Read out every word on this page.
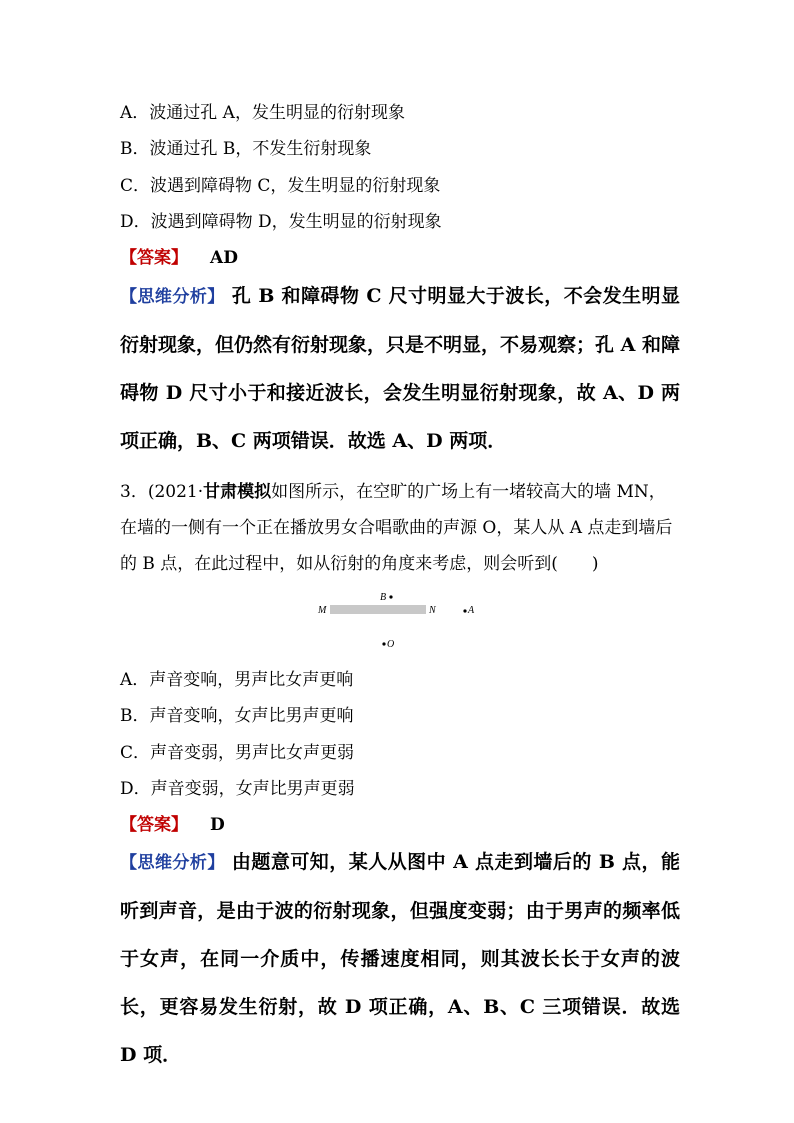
A．波通过孔 A，发生明显的衍射现象
B．波通过孔 B，不发生衍射现象
C．波遇到障碍物 C，发生明显的衍射现象
D．波遇到障碍物 D，发生明显的衍射现象
【答案】 AD
【思维分析】 孔 B 和障碍物 C 尺寸明显大于波长，不会发生明显衍射现象，但仍然有衍射现象，只是不明显，不易观察；孔 A 和障碍物 D 尺寸小于和接近波长，会发生明显衍射现象，故 A、D 两项正确，B、C 两项错误．故选 A、D 两项．
3．(2021·甘肃模拟如图所示，在空旷的广场上有一堵较高大的墙 MN，在墙的一侧有一个正在播放男女合唱歌曲的声源 O，某人从 A 点走到墙后的 B 点，在此过程中，如从衍射的角度来考虑，则会听到(　　)
M	N
B
A
O
A．声音变响，男声比女声更响
B．声音变响，女声比男声更响
C．声音变弱，男声比女声更弱
D．声音变弱，女声比男声更弱
【答案】 D
【思维分析】 由题意可知，某人从图中 A 点走到墙后的 B 点，能听到声音，是由于波的衍射现象，但强度变弱；由于男声的频率低于女声，在同一介质中，传播速度相同，则其波长长于女声的波长，更容易发生衍射，故 D 项正确，A、B、C 三项错误．故选 D 项．
